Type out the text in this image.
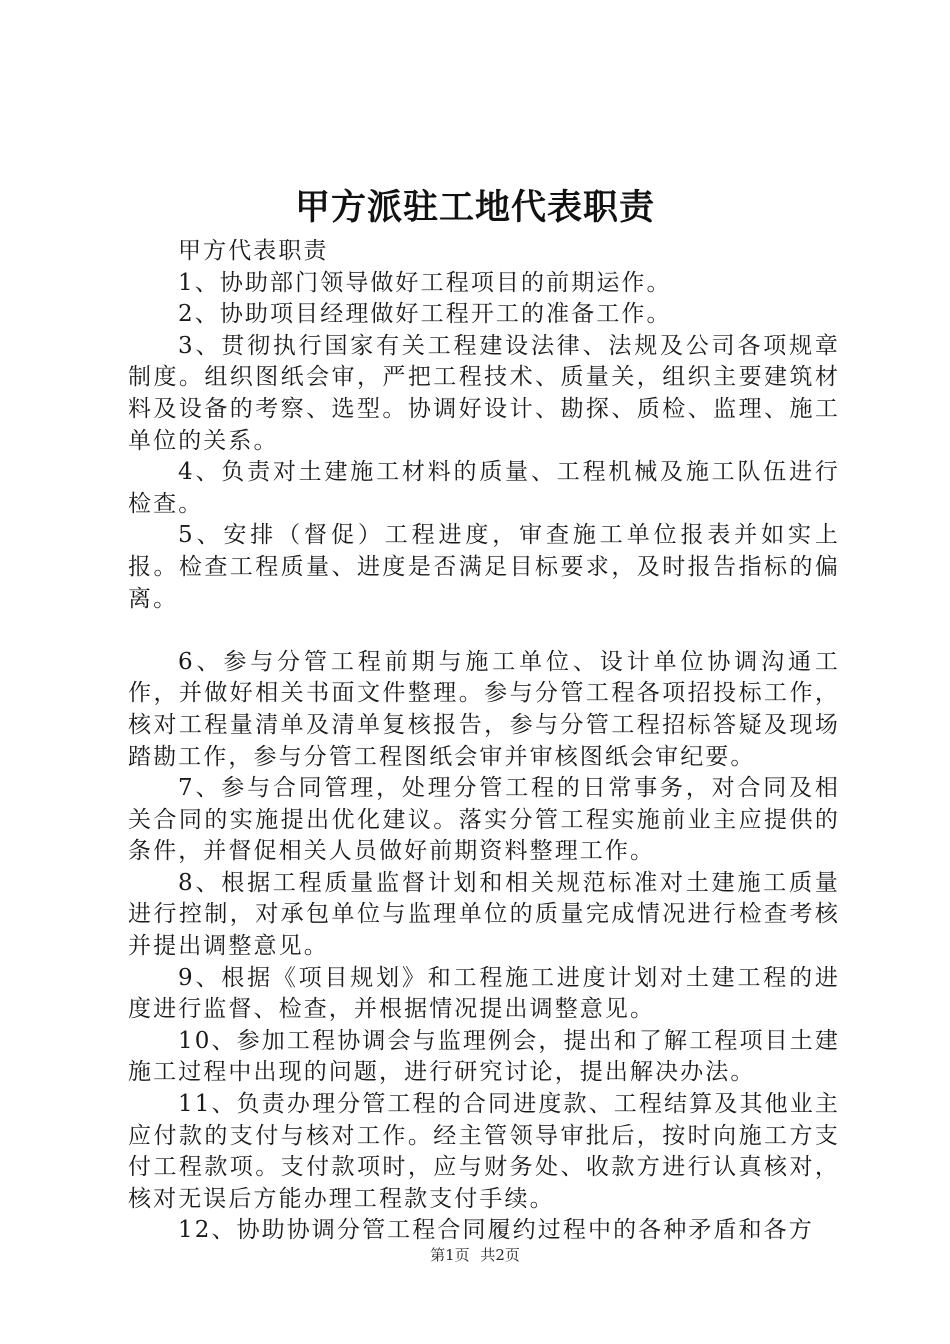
甲方派驻工地代表职责

甲方代表职责

1、协助部门领导做好工程项目的前期运作。

2、协助项目经理做好工程开工的准备工作。

3、贯彻执行国家有关工程建设法律、法规及公司各项规章制度。组织图纸会审，严把工程技术、质量关，组织主要建筑材料及设备的考察、选型。协调好设计、勘探、质检、监理、施工单位的关系。

4、负责对土建施工材料的质量、工程机械及施工队伍进行检查。

5、安排（督促）工程进度，审查施工单位报表并如实上报。检查工程质量、进度是否满足目标要求，及时报告指标的偏离。

6、参与分管工程前期与施工单位、设计单位协调沟通工作，并做好相关书面文件整理。参与分管工程各项招投标工作，核对工程量清单及清单复核报告，参与分管工程招标答疑及现场踏勘工作，参与分管工程图纸会审并审核图纸会审纪要。

7、参与合同管理，处理分管工程的日常事务，对合同及相关合同的实施提出优化建议。落实分管工程实施前业主应提供的条件，并督促相关人员做好前期资料整理工作。

8、根据工程质量监督计划和相关规范标准对土建施工质量进行控制，对承包单位与监理单位的质量完成情况进行检查考核并提出调整意见。

9、根据《项目规划》和工程施工进度计划对土建工程的进度进行监督、检查，并根据情况提出调整意见。

10、参加工程协调会与监理例会，提出和了解工程项目土建施工过程中出现的问题，进行研究讨论，提出解决办法。

11、负责办理分管工程的合同进度款、工程结算及其他业主应付款的支付与核对工作。经主管领导审批后，按时向施工方支付工程款项。支付款项时，应与财务处、收款方进行认真核对，核对无误后方能办理工程款支付手续。

12、协助协调分管工程合同履约过程中的各种矛盾和各方

第1页 共2页
